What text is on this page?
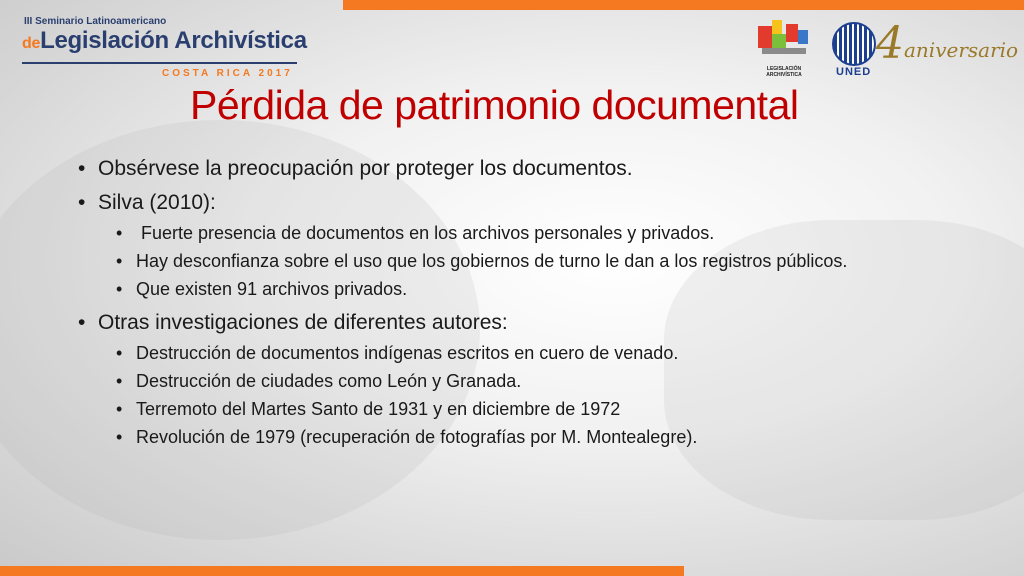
III Seminario Latinoamericano
deLegislación Archivística
COSTA RICA 2017	LEGISLACIÓN
ARCHIVÍSTICA	UNED
4 aniversario
Pérdida de patrimonio documental
• Obsérvese la preocupación por proteger los documentos.
• Silva (2010):
• Fuerte presencia de documentos en los archivos personales y privados.
• Hay desconfianza sobre el uso que los gobiernos de turno le dan a los registros públicos.
• Que existen 91 archivos privados.
• Otras investigaciones de diferentes autores:
• Destrucción de documentos indígenas escritos en cuero de venado.
• Destrucción de ciudades como León y Granada.
• Terremoto del Martes Santo de 1931 y en diciembre de 1972
• Revolución de 1979 (recuperación de fotografías por M. Montealegre).
